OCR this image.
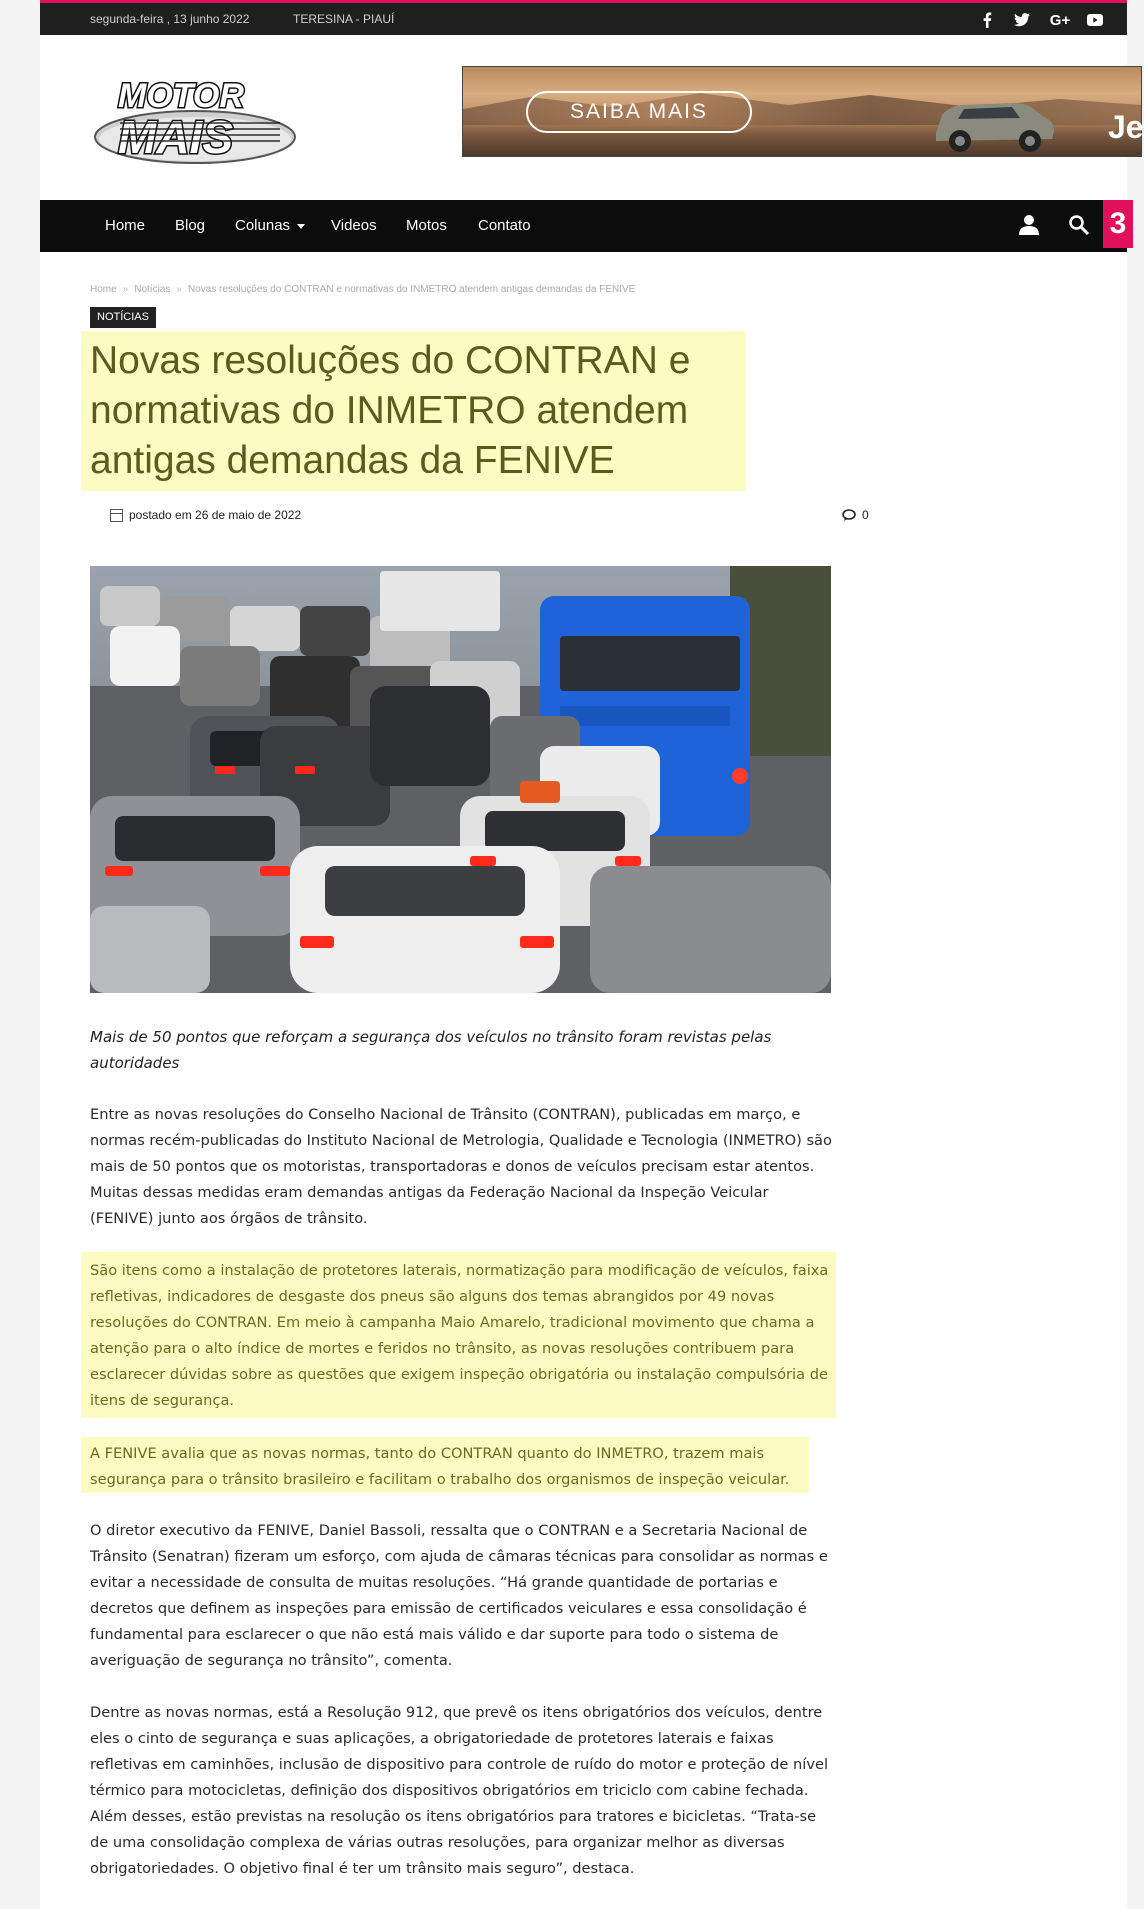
segunda-feira , 13 junho 2022	TERESINA - PIAUÍ	G+
MOTOR
MAIS	SAIBA MAIS	Je
Home Blog Colunas	Videos Motos Contato	3
Home » Notícias » Novas resoluções do CONTRAN e normativas do INMETRO atendem antigas demandas da FENIVE
NOTÍCIAS
Novas resoluções do CONTRAN e normativas do INMETRO atendem antigas demandas da FENIVE
postado em 26 de maio de 2022	0

Mais de 50 pontos que reforçam a segurança dos veículos no trânsito foram revistas pelas autoridades

Entre as novas resoluções do Conselho Nacional de Trânsito (CONTRAN), publicadas em março, e normas recém-publicadas do Instituto Nacional de Metrologia, Qualidade e Tecnologia (INMETRO) são mais de 50 pontos que os motoristas, transportadoras e donos de veículos precisam estar atentos. Muitas dessas medidas eram demandas antigas da Federação Nacional da Inspeção Veicular (FENIVE) junto aos órgãos de trânsito.

São itens como a instalação de protetores laterais, normatização para modificação de veículos, faixa refletivas, indicadores de desgaste dos pneus são alguns dos temas abrangidos por 49 novas resoluções do CONTRAN. Em meio à campanha Maio Amarelo, tradicional movimento que chama a atenção para o alto índice de mortes e feridos no trânsito, as novas resoluções contribuem para esclarecer dúvidas sobre as questões que exigem inspeção obrigatória ou instalação compulsória de itens de segurança.

A FENIVE avalia que as novas normas, tanto do CONTRAN quanto do INMETRO, trazem mais segurança para o trânsito brasileiro e facilitam o trabalho dos organismos de inspeção veicular.

O diretor executivo da FENIVE, Daniel Bassoli, ressalta que o CONTRAN e a Secretaria Nacional de Trânsito (Senatran) fizeram um esforço, com ajuda de câmaras técnicas para consolidar as normas e evitar a necessidade de consulta de muitas resoluções. “Há grande quantidade de portarias e decretos que definem as inspeções para emissão de certificados veiculares e essa consolidação é fundamental para esclarecer o que não está mais válido e dar suporte para todo o sistema de averiguação de segurança no trânsito”, comenta.

Dentre as novas normas, está a Resolução 912, que prevê os itens obrigatórios dos veículos, dentre eles o cinto de segurança e suas aplicações, a obrigatoriedade de protetores laterais e faixas refletivas em caminhões, inclusão de dispositivo para controle de ruído do motor e proteção de nível térmico para motocicletas, definição dos dispositivos obrigatórios em triciclo com cabine fechada. Além desses, estão previstas na resolução os itens obrigatórios para tratores e bicicletas. “Trata-se de uma consolidação complexa de várias outras resoluções, para organizar melhor as diversas obrigatoriedades. O objetivo final é ter um trânsito mais seguro”, destaca.
